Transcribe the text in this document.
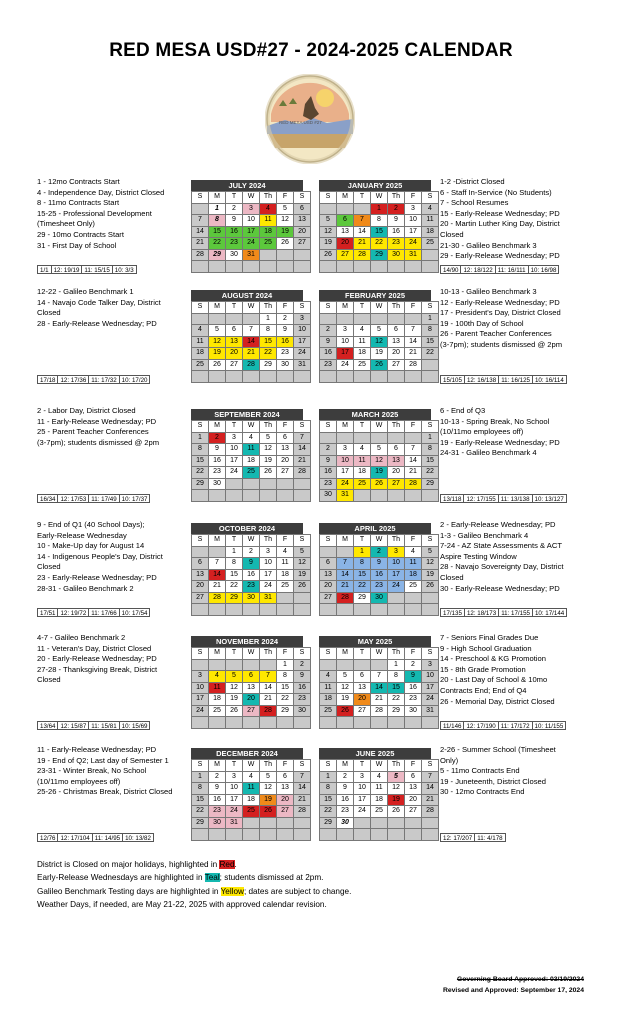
RED MESA USD#27 - 2024-2025 CALENDAR
RED MESA USD #27
1 - 12mo Contracts Start
4 - Independence Day, District Closed
8 - 11mo Contracts Start
15-25 - Professional Development
(Timesheet Only)
29 - 10mo Contracts Start
31 - First Day of School
1-2 -District Closed
6 - Staff In-Service (No Students)
7 - School Resumes
15 - Early-Release Wednesday; PD
20 - Martin Luther King Day, District
Closed
21-30 - Galileo Benchmark 3
29 - Early-Release Wednesday; PD
JULY 2024
S	M	T	W	Th	F	S
	1	2	3	4	5	6
7	8	9	10	11	12	13
14	15	16	17	18	19	20
21	22	23	24	25	26	27
28	29	30	31			

JANUARY 2025
S	M	T	W	Th	F	S
			1	2	3	4
5	6	7	8	9	10	11
12	13	14	15	16	17	18
19	20	21	22	23	24	25
26	27	28	29	30	31	

1/1 12: 19/19 11: 15/15 10: 3/3	14/90 12: 18/122 11: 16/111 10: 16/98
12-22 - Galileo Benchmark 1
14 - Navajo Code Talker Day, District
Closed
28 - Early-Release Wednesday; PD
10-13 - Galileo Benchmark 3
12 - Early-Release Wednesday; PD
17 - President's Day, District Closed
19 - 100th Day of School
26 - Parent Teacher Conferences
(3-7pm); students dismissed @ 2pm
AUGUST 2024
S	M	T	W	Th	F	S
				1	2	3
4	5	6	7	8	9	10
11	12	13	14	15	16	17
18	19	20	21	22	23	24
25	26	27	28	29	30	31

FEBRUARY 2025
S	M	T	W	Th	F	S
						1
2	3	4	5	6	7	8
9	10	11	12	13	14	15
16	17	18	19	20	21	22
23	24	25	26	27	28	

17/18 12: 17/36 11: 17/32 10: 17/20	15/105 12: 16/138 11: 16/125 10: 16/114
2 - Labor Day, District Closed
11 - Early-Release Wednesday; PD
25 - Parent Teacher Conferences
(3-7pm); students dismissed @ 2pm
6 - End of Q3
10-13 - Spring Break, No School
(10/11mo employees off)
19 - Early-Release Wednesday; PD
24-31 - Galileo Benchmark 4
SEPTEMBER 2024
S	M	T	W	Th	F	S
1	2	3	4	5	6	7
8	9	10	11	12	13	14
15	16	17	18	19	20	21
22	23	24	25	26	27	28
29	30					

MARCH 2025
S	M	T	W	Th	F	S
						1
2	3	4	5	6	7	8
9	10	11	12	13	14	15
16	17	18	19	20	21	22
23	24	25	26	27	28	29
30	31					
16/34 12: 17/53 11: 17/49 10: 17/37	13/118 12: 17/155 11: 13/138 10: 13/127
9 - End of Q1 (40 School Days);
Early-Release Wednesday
10 - Make-Up day for August 14
14 - Indigenous People's Day, District
Closed
23 - Early-Release Wednesday; PD
28-31 - Galileo Benchmark 2
2 - Early-Release Wednesday; PD
1-3 - Galileo Benchmark 4
7-24 - AZ State Assessments & ACT
Aspire Testing Window
28 - Navajo Sovereignty Day, District
Closed
30 - Early-Release Wednesday; PD
OCTOBER 2024
S	M	T	W	Th	F	S
		1	2	3	4	5
6	7	8	9	10	11	12
13	14	15	16	17	18	19
20	21	22	23	24	25	26
27	28	29	30	31		

APRIL 2025
S	M	T	W	Th	F	S
		1	2	3	4	5
6	7	8	9	10	11	12
13	14	15	16	17	18	19
20	21	22	23	24	25	26
27	28	29	30			

17/51 12: 19/72 11: 17/66 10: 17/54	17/135 12: 18/173 11: 17/155 10: 17/144
4-7 - Galileo Benchmark 2
11 - Veteran's Day, District Closed
20 - Early-Release Wednesday; PD
27-28 - Thanksgiving Break, District
Closed
7 - Seniors Final Grades Due
9 - High School Graduation
14 - Preschool & KG Promotion
15 - 8th Grade Promotion
20 - Last Day of School & 10mo
Contracts End; End of Q4
26 - Memorial Day, District Closed
NOVEMBER 2024
S	M	T	W	Th	F	S
					1	2
3	4	5	6	7	8	9
10	11	12	13	14	15	16
17	18	19	20	21	22	23
24	25	26	27	28	29	30

MAY 2025
S	M	T	W	Th	F	S
				1	2	3
4	5	6	7	8	9	10
11	12	13	14	15	16	17
18	19	20	21	22	23	24
25	26	27	28	29	30	31

13/64 12: 15/87 11: 15/81 10: 15/69	11/146 12: 17/190 11: 17/172 10: 11/155
11 - Early-Release Wednesday; PD
19 - End of Q2; Last day of Semester 1
23-31 - Winter Break, No School
(10/11mo employees off)
25-26 - Christmas Break, District Closed
2-26 - Summer School (Timesheet
Only)
5 - 11mo Contracts End
19 - Juneteenth, District Closed
30 - 12mo Contracts End
DECEMBER 2024
S	M	T	W	Th	F	S
1	2	3	4	5	6	7
8	9	10	11	12	13	14
15	16	17	18	19	20	21
22	23	24	25	26	27	28
29	30	31				

JUNE 2025
S	M	T	W	Th	F	S
1	2	3	4	5	6	7
8	9	10	11	12	13	14
15	16	17	18	19	20	21
22	23	24	25	26	27	28
29	30					

12/76 12: 17/104 11: 14/95 10: 13/82	12: 17/207 11: 4/178
District is Closed on major holidays, highlighted in Red.
Early-Release Wednesdays are highlighted in Teal; students dismissed at 2pm.
Galileo Benchmark Testing days are highlighted in Yellow; dates are subject to change.
Weather Days, if needed, are May 21-22, 2025 with approved calendar revision.
Governing Board Approved: 03/19/2024
Revised and Approved: September 17, 2024
